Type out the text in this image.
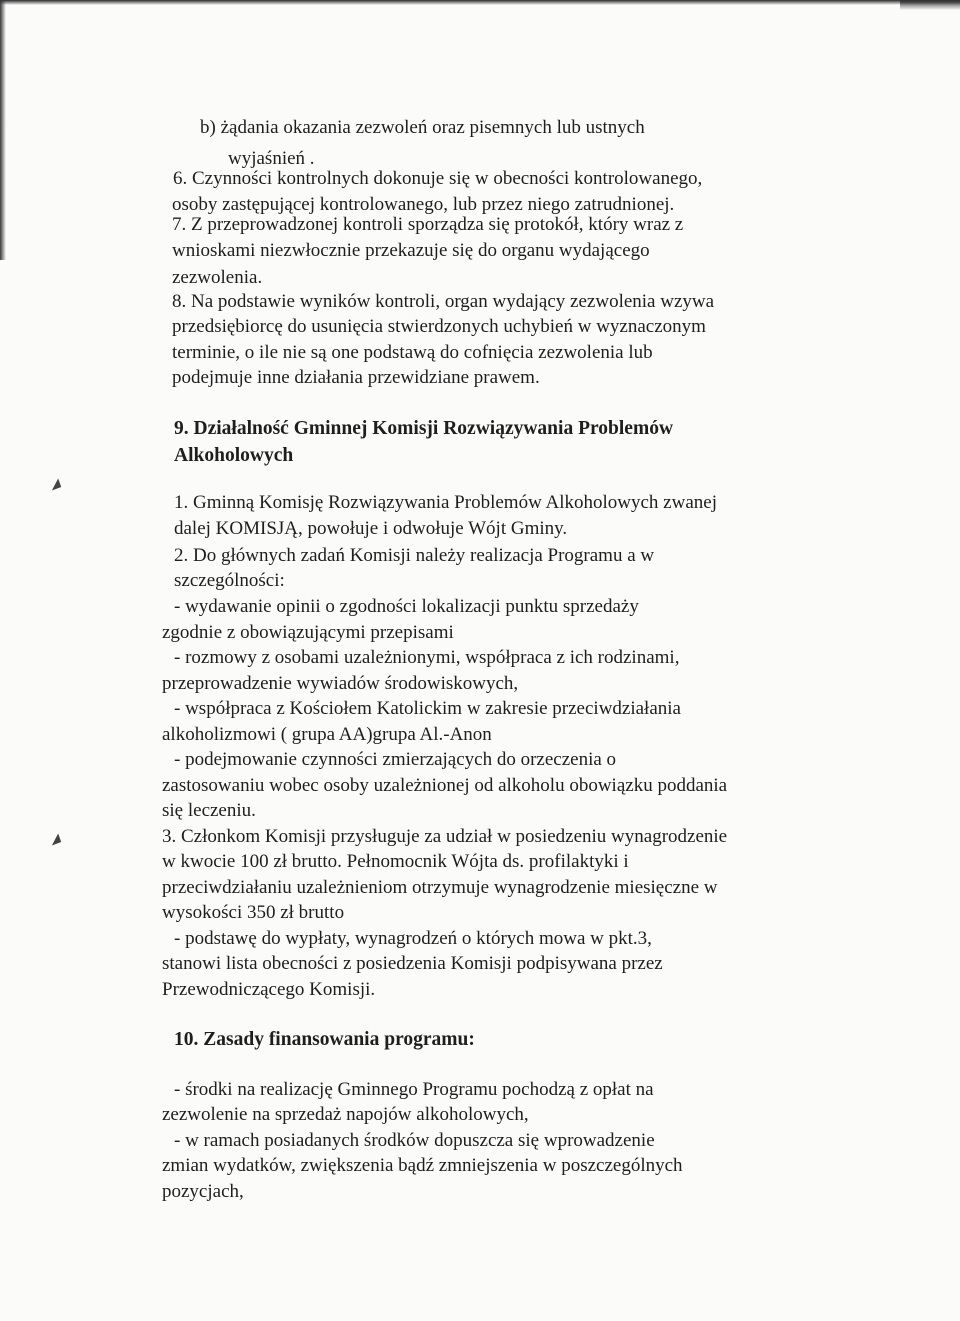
b) żądania okazania zezwoleń oraz pisemnych lub ustnych
wyjaśnień .
6. Czynności kontrolnych dokonuje się w obecności kontrolowanego,
osoby zastępującej kontrolowanego, lub przez niego zatrudnionej.
7. Z przeprowadzonej kontroli sporządza się protokół, który wraz z
wnioskami niezwłocznie przekazuje się do organu wydającego
zezwolenia.
8. Na podstawie wyników kontroli, organ wydający zezwolenia wzywa
przedsiębiorcę do usunięcia stwierdzonych uchybień w wyznaczonym
terminie, o ile nie są one podstawą do cofnięcia zezwolenia lub
podejmuje inne działania przewidziane prawem.
9. Działalność Gminnej Komisji Rozwiązywania Problemów
Alkoholowych
1. Gminną Komisję Rozwiązywania Problemów Alkoholowych zwanej
dalej KOMISJĄ, powołuje i odwołuje Wójt Gminy.
2. Do głównych zadań Komisji należy realizacja Programu a w
szczególności:
- wydawanie opinii o zgodności lokalizacji punktu sprzedaży
zgodnie z obowiązującymi przepisami
- rozmowy z osobami uzależnionymi, współpraca z ich rodzinami,
przeprowadzenie wywiadów środowiskowych,
- współpraca z Kościołem Katolickim w zakresie przeciwdziałania
alkoholizmowi ( grupa AA)grupa Al.-Anon
- podejmowanie czynności zmierzających do orzeczenia o
zastosowaniu wobec osoby uzależnionej od alkoholu obowiązku poddania
się leczeniu.
3. Członkom Komisji przysługuje za udział w posiedzeniu wynagrodzenie
w kwocie 100 zł brutto. Pełnomocnik Wójta ds. profilaktyki i
przeciwdziałaniu uzależnieniom otrzymuje wynagrodzenie miesięczne w
wysokości 350 zł brutto
- podstawę do wypłaty, wynagrodzeń o których mowa w pkt.3,
stanowi lista obecności z posiedzenia Komisji podpisywana przez
Przewodniczącego Komisji.
10. Zasady finansowania programu:
- środki na realizację Gminnego Programu pochodzą z opłat na
zezwolenie na sprzedaż napojów alkoholowych,
- w ramach posiadanych środków dopuszcza się wprowadzenie
zmian wydatków, zwiększenia bądź zmniejszenia w poszczególnych
pozycjach,
